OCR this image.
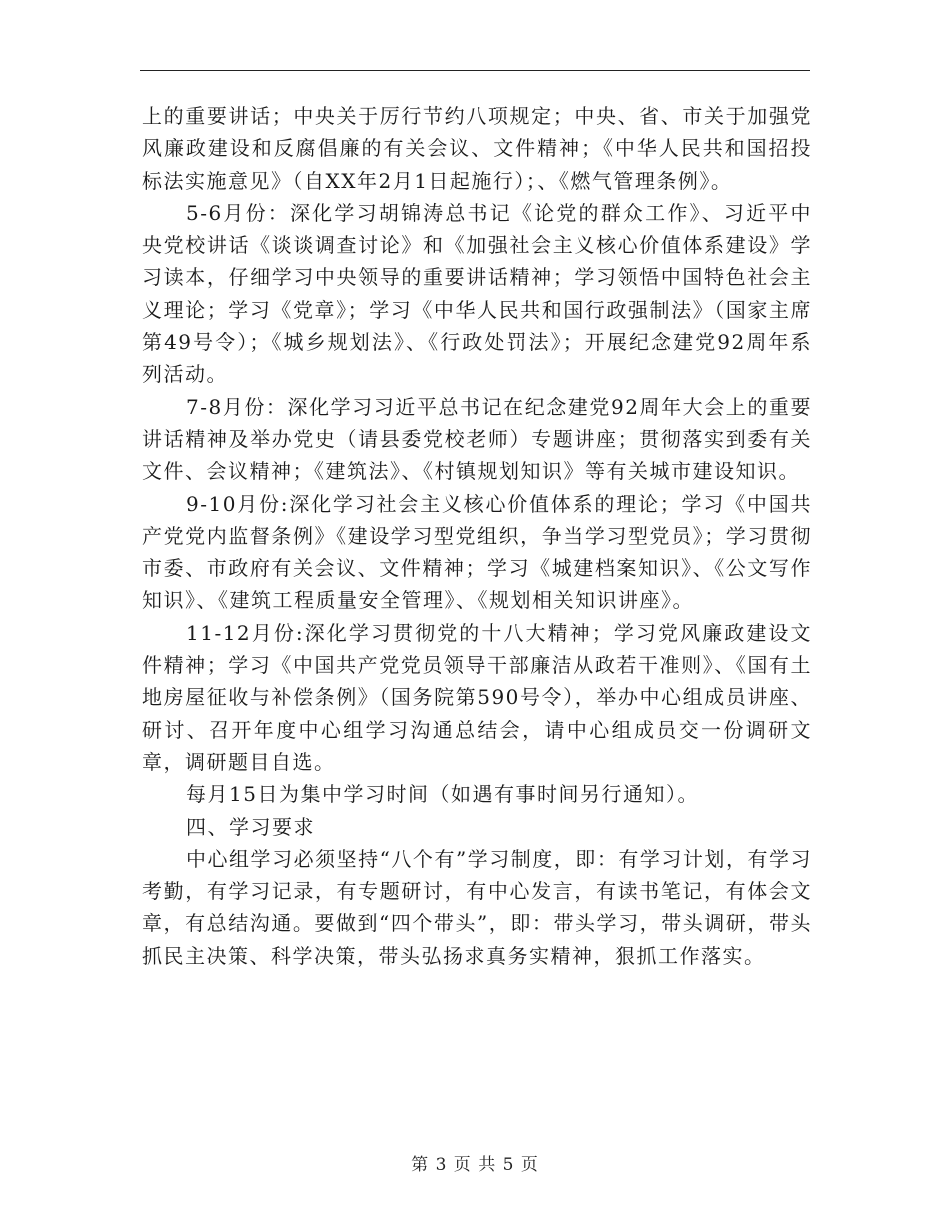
上的重要讲话；中央关于厉行节约八项规定；中央、省、市关于加强党风廉政建设和反腐倡廉的有关会议、文件精神；《中华人民共和国招投标法实施意见》（自XX年2月1日起施行）；、《燃气管理条例》。

5-6月份：深化学习胡锦涛总书记《论党的群众工作》、习近平中央党校讲话《谈谈调查讨论》和《加强社会主义核心价值体系建设》学习读本，仔细学习中央领导的重要讲话精神；学习领悟中国特色社会主义理论；学习《党章》；学习《中华人民共和国行政强制法》（国家主席第49号令）；《城乡规划法》、《行政处罚法》；开展纪念建党92周年系列活动。

7-8月份：深化学习习近平总书记在纪念建党92周年大会上的重要讲话精神及举办党史（请县委党校老师）专题讲座；贯彻落实到委有关文件、会议精神；《建筑法》、《村镇规划知识》等有关城市建设知识。

9-10月份:深化学习社会主义核心价值体系的理论；学习《中国共产党党内监督条例》《建设学习型党组织，争当学习型党员》；学习贯彻市委、市政府有关会议、文件精神；学习《城建档案知识》、《公文写作知识》、《建筑工程质量安全管理》、《规划相关知识讲座》。

11-12月份:深化学习贯彻党的十八大精神；学习党风廉政建设文件精神；学习《中国共产党党员领导干部廉洁从政若干准则》、《国有土地房屋征收与补偿条例》（国务院第590号令），举办中心组成员讲座、研讨、召开年度中心组学习沟通总结会，请中心组成员交一份调研文章，调研题目自选。

每月15日为集中学习时间（如遇有事时间另行通知）。

四、学习要求

中心组学习必须坚持“八个有”学习制度，即：有学习计划，有学习考勤，有学习记录，有专题研讨，有中心发言，有读书笔记，有体会文章，有总结沟通。要做到“四个带头”，即：带头学习，带头调研，带头抓民主决策、科学决策，带头弘扬求真务实精神，狠抓工作落实。

第 3 页 共 5 页
